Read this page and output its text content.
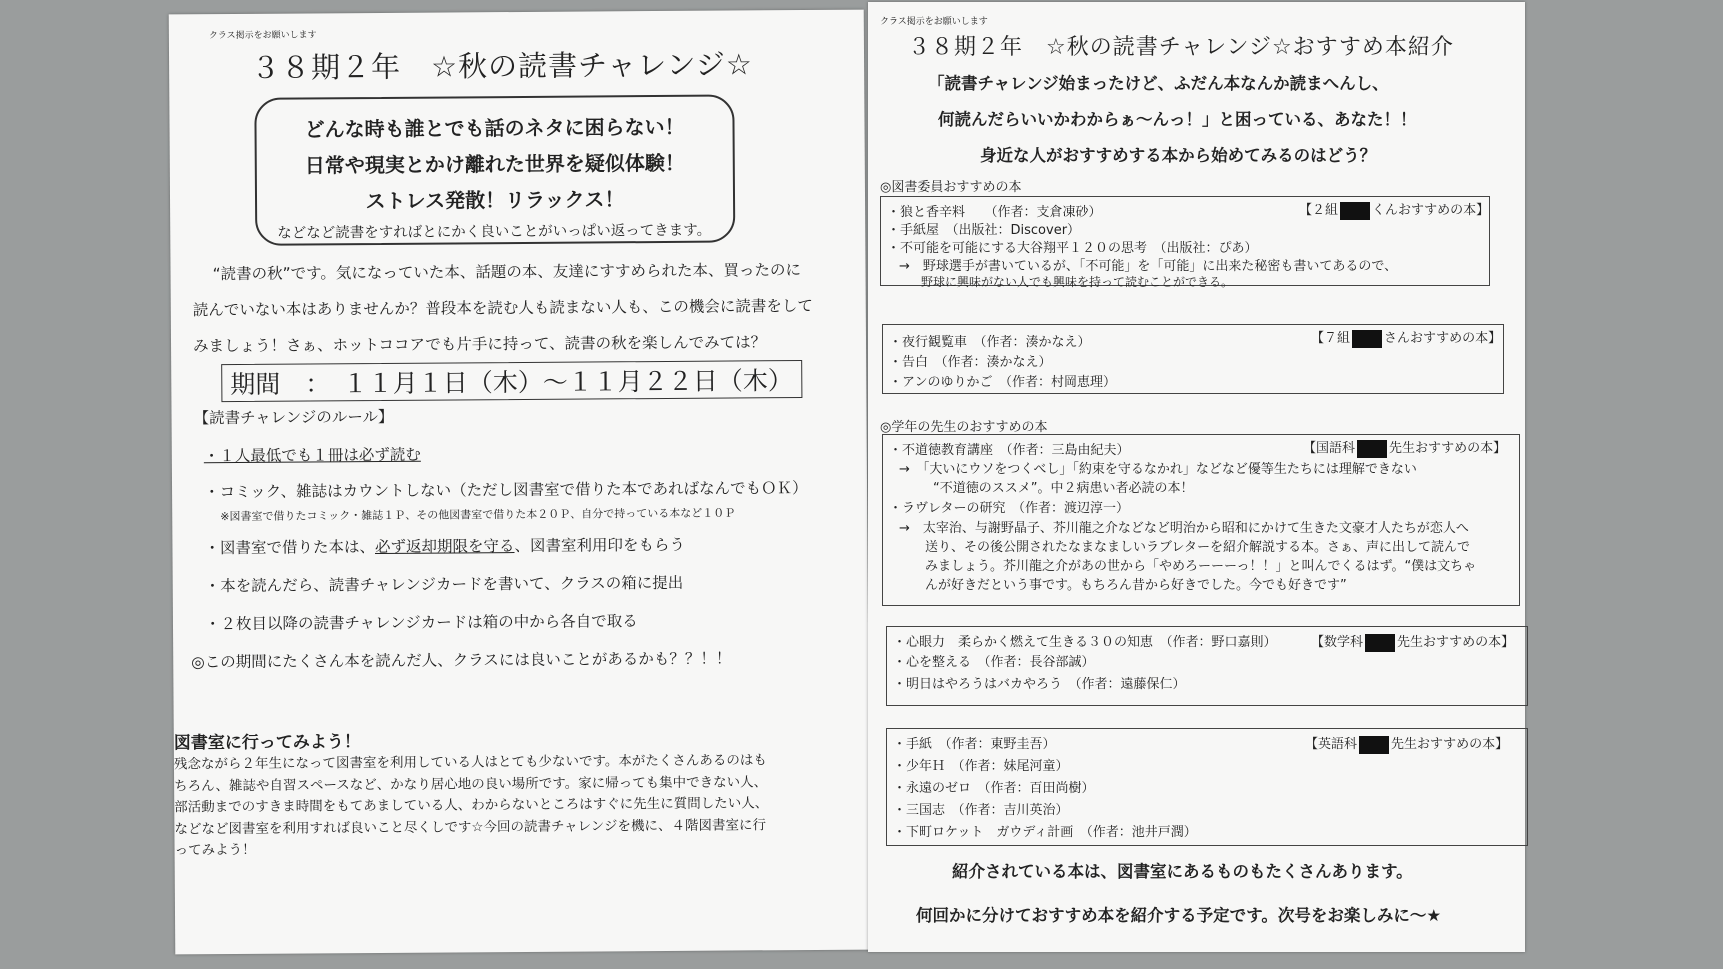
クラス掲示をお願いします
３８期２年　☆秋の読書チャレンジ☆
どんな時も誰とでも話のネタに困らない！
日常や現実とかけ離れた世界を疑似体験！
ストレス発散！リラックス！
などなど読書をすればとにかく良いことがいっぱい返ってきます。
“読書の秋”です。気になっていた本、話題の本、友達にすすめられた本、買ったのに
読んでいない本はありませんか？普段本を読む人も読まない人も、この機会に読書をして
みましょう！さぁ、ホットココアでも片手に持って、読書の秋を楽しんでみては？
期間　：　１１月１日（木）～１１月２２日（木）
【読書チャレンジのルール】
・１人最低でも１冊は必ず読む
・コミック、雑誌はカウントしない（ただし図書室で借りた本であればなんでもＯＫ）
※図書室で借りたコミック・雑誌１Ｐ、その他図書室で借りた本２０Ｐ、自分で持っている本など１０Ｐ
・図書室で借りた本は、必ず返却期限を守る、図書室利用印をもらう
・本を読んだら、読書チャレンジカードを書いて、クラスの箱に提出
・２枚目以降の読書チャレンジカードは箱の中から各自で取る
◎この期間にたくさん本を読んだ人、クラスには良いことがあるかも？？！！
図書室に行ってみよう！
残念ながら２年生になって図書室を利用している人はとても少ないです。本がたくさんあるのはもちろん、雑誌や自習スペースなど、かなり居心地の良い場所です。家に帰っても集中できない人、部活動までのすきま時間をもてあましている人、わからないところはすぐに先生に質問したい人、などなど図書室を利用すれば良いこと尽くしです☆今回の読書チャレンジを機に、４階図書室に行ってみよう！
クラス掲示をお願いします
３８期２年　☆秋の読書チャレンジ☆おすすめ本紹介
「読書チャレンジ始まったけど、ふだん本なんか読まへんし、
何読んだらいいかわからぁ～んっ！」と困っている、あなた！！
身近な人がおすすめする本から始めてみるのはどう？
◎図書委員おすすめの本
・狼と香辛料　　（作者：支倉凍砂）
・手紙屋　（出版社：Discover）
・不可能を可能にする大谷翔平１２０の思考　（出版社：ぴあ）
→　野球選手が書いているが、「不可能」を「可能」に出来た秘密も書いてあるので、
野球に興味がない人でも興味を持って読むことができる。
【２組	くんおすすめの本】
・夜行観覧車　（作者：湊かなえ）
・告白　（作者：湊かなえ）
・アンのゆりかご　（作者：村岡恵理）
【７組	さんおすすめの本】
◎学年の先生のおすすめの本
・不道徳教育講座　（作者：三島由紀夫）
→　「大いにウソをつくべし」「約束を守るなかれ」などなど優等生たちには理解できない
“不道徳のススメ”。中２病患い者必読の本！
・ラヴレターの研究　（作者：渡辺淳一）
→　太宰治、与謝野晶子、芥川龍之介などなど明治から昭和にかけて生きた文豪才人たちが恋人へ
送り、その後公開されたなまなましいラブレターを紹介解説する本。さぁ、声に出して読んで
みましょう。芥川龍之介があの世から「やめろーーーっ！！」と叫んでくるはず。“僕は文ちゃ
んが好きだという事です。もちろん昔から好きでした。今でも好きです”
【国語科	先生おすすめの本】
・心眼力　柔らかく燃えて生きる３０の知恵　（作者：野口嘉則）
・心を整える　（作者：長谷部誠）
・明日はやろうはバカやろう　（作者：遠藤保仁）
【数学科	先生おすすめの本】
・手紙　（作者：東野圭吾）
・少年Ｈ　（作者：妹尾河童）
・永遠のゼロ　（作者：百田尚樹）
・三国志　（作者：吉川英治）
・下町ロケット　ガウディ計画　（作者：池井戸潤）
【英語科	先生おすすめの本】
紹介されている本は、図書室にあるものもたくさんあります。
何回かに分けておすすめ本を紹介する予定です。次号をお楽しみに～★
